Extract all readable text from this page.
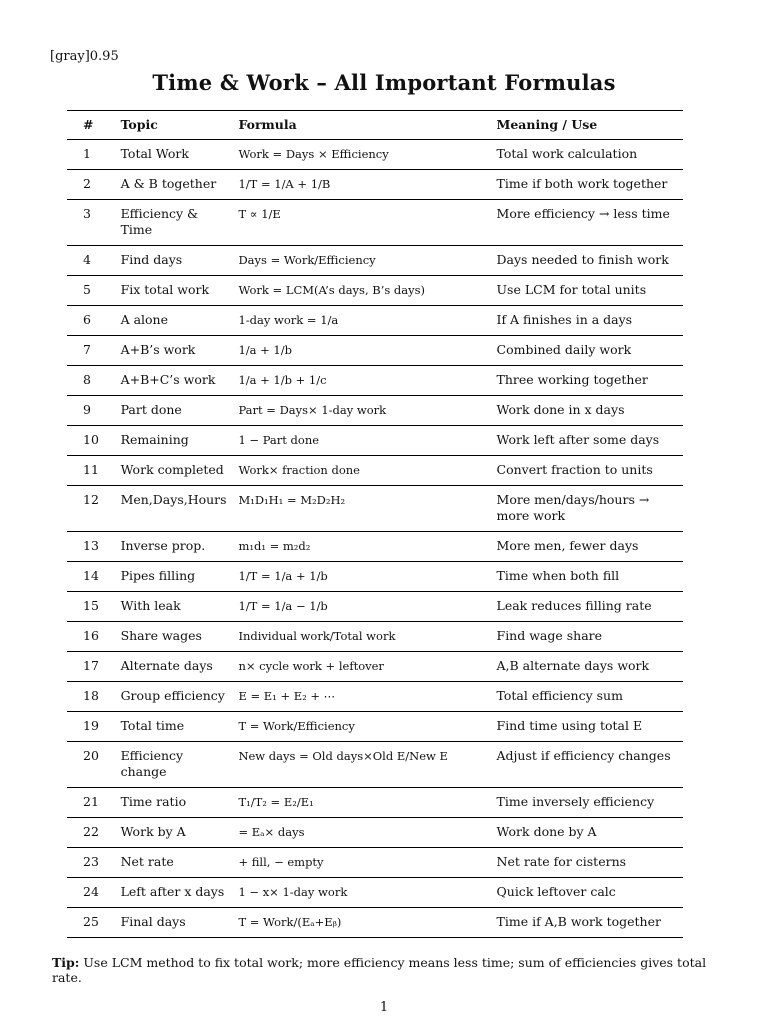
[gray]0.95
Time & Work – All Important Formulas
#	Topic	Formula	Meaning / Use
1	Total Work	Work = Days × Efficiency	Total work calculation
2	A & B together	1/T = 1/A + 1/B	Time if both work together
3	Efficiency & Time	T ∝ 1/E	More efficiency → less time
4	Find days	Days = Work/Efficiency	Days needed to finish work
5	Fix total work	Work = LCM(A’s days, B’s days)	Use LCM for total units
6	A alone	1-day work = 1/a	If A finishes in a days
7	A+B’s work	1/a + 1/b	Combined daily work
8	A+B+C’s work	1/a + 1/b + 1/c	Three working together
9	Part done	Part = Days× 1-day work	Work done in x days
10	Remaining	1 − Part done	Work left after some days
11	Work completed	Work× fraction done	Convert fraction to units
12	Men,Days,Hours	M₁D₁H₁ = M₂D₂H₂	More men/days/hours → more work
13	Inverse prop.	m₁d₁ = m₂d₂	More men, fewer days
14	Pipes filling	1/T = 1/a + 1/b	Time when both fill
15	With leak	1/T = 1/a − 1/b	Leak reduces filling rate
16	Share wages	Individual work/Total work	Find wage share
17	Alternate days	n× cycle work + leftover	A,B alternate days work
18	Group efficiency	E = E₁ + E₂ + ⋯	Total efficiency sum
19	Total time	T = Work/Efficiency	Find time using total E
20	Efficiency change	New days = Old days×Old E/New E	Adjust if efficiency changes
21	Time ratio	T₁/T₂ = E₂/E₁	Time inversely efficiency
22	Work by A	= Eₐ× days	Work done by A
23	Net rate	+ fill, − empty	Net rate for cisterns
24	Left after x days	1 − x× 1-day work	Quick leftover calc
25	Final days	T = Work/(Eₐ+Eᵦ)	Time if A,B work together
Tip: Use LCM method to fix total work; more efficiency means less time; sum of efficiencies gives total rate.
1
